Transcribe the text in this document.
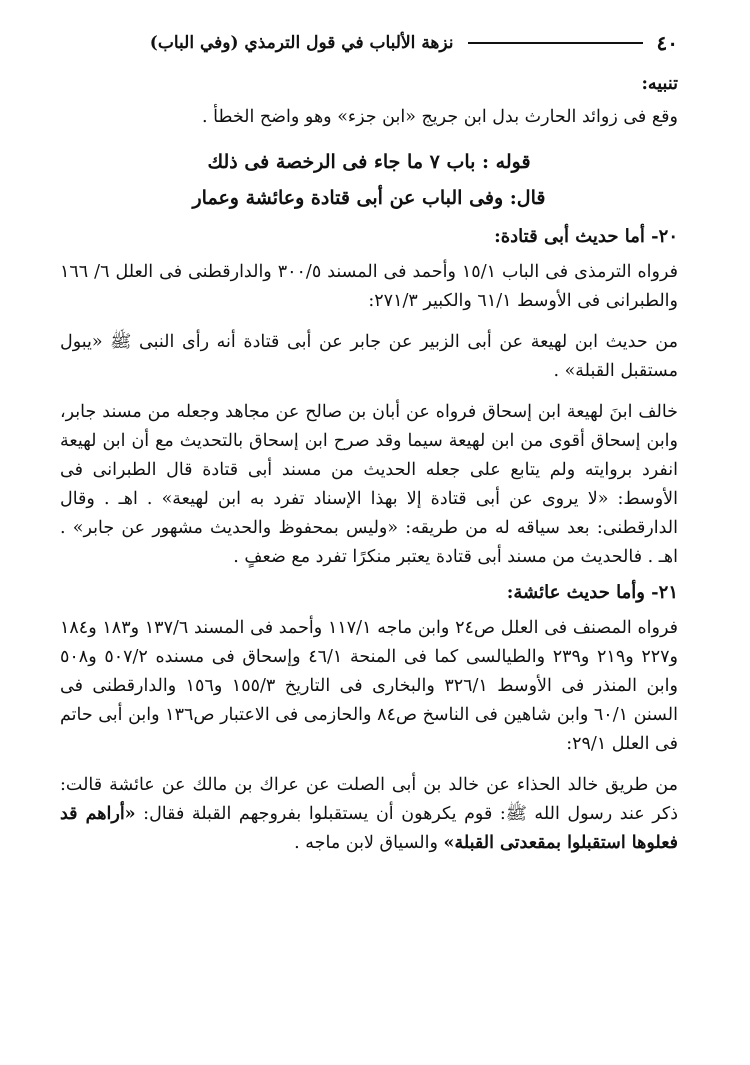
٤٠
نزهة الألباب في قول الترمذي (وفي الباب)

تنبيه:

وقع فى زوائد الحارث بدل ابن جريج «ابن جزء» وهو واضح الخطأ .

قوله : باب ٧ ما جاء فى الرخصة فى ذلك

قال: وفى الباب عن أبى قتادة وعائشة وعمار

٢٠- أما حديث أبى قتادة:

فرواه الترمذى فى الباب ١٥/١ وأحمد فى المسند ٣٠٠/٥ والدارقطنى فى العلل ٦/ ١٦٦ والطبرانى فى الأوسط ٦١/١ والكبير ٢٧١/٣:

من حديث ابن لهيعة عن أبى الزبير عن جابر عن أبى قتادة أنه رأى النبى ﷺ «يبول مستقبل القبلة» .

خالف ابنَ لهيعة ابن إسحاق فرواه عن أبان بن صالح عن مجاهد وجعله من مسند جابر، وابن إسحاق أقوى من ابن لهيعة سيما وقد صرح ابن إسحاق بالتحديث مع أن ابن لهيعة انفرد بروايته ولم يتابع على جعله الحديث من مسند أبى قتادة قال الطبرانى فى الأوسط: «لا يروى عن أبى قتادة إلا بهذا الإسناد تفرد به ابن لهيعة» . اهـ . وقال الدارقطنى: بعد سياقه له من طريقه: «وليس بمحفوظ والحديث مشهور عن جابر» . اهـ . فالحديث من مسند أبى قتادة يعتبر منكرًا تفرد مع ضعفٍ .

٢١- وأما حديث عائشة:

فرواه المصنف فى العلل ص٢٤ وابن ماجه ١١٧/١ وأحمد فى المسند ١٣٧/٦ و١٨٣ و١٨٤ و٢٢٧ و٢١٩ و٢٣٩ والطيالسى كما فى المنحة ٤٦/١ وإسحاق فى مسنده ٥٠٧/٢ و٥٠٨ وابن المنذر فى الأوسط ٣٢٦/١ والبخارى فى التاريخ ١٥٥/٣ و١٥٦ والدارقطنى فى السنن ٦٠/١ وابن شاهين فى الناسخ ص٨٤ والحازمى فى الاعتبار ص١٣٦ وابن أبى حاتم فى العلل ٢٩/١:

من طريق خالد الحذاء عن خالد بن أبى الصلت عن عراك بن مالك عن عائشة قالت: ذكر عند رسول الله ﷺ: قوم يكرهون أن يستقبلوا بفروجهم القبلة فقال: «أراهم قد فعلوها استقبلوا بمقعدتى القبلة» والسياق لابن ماجه .
